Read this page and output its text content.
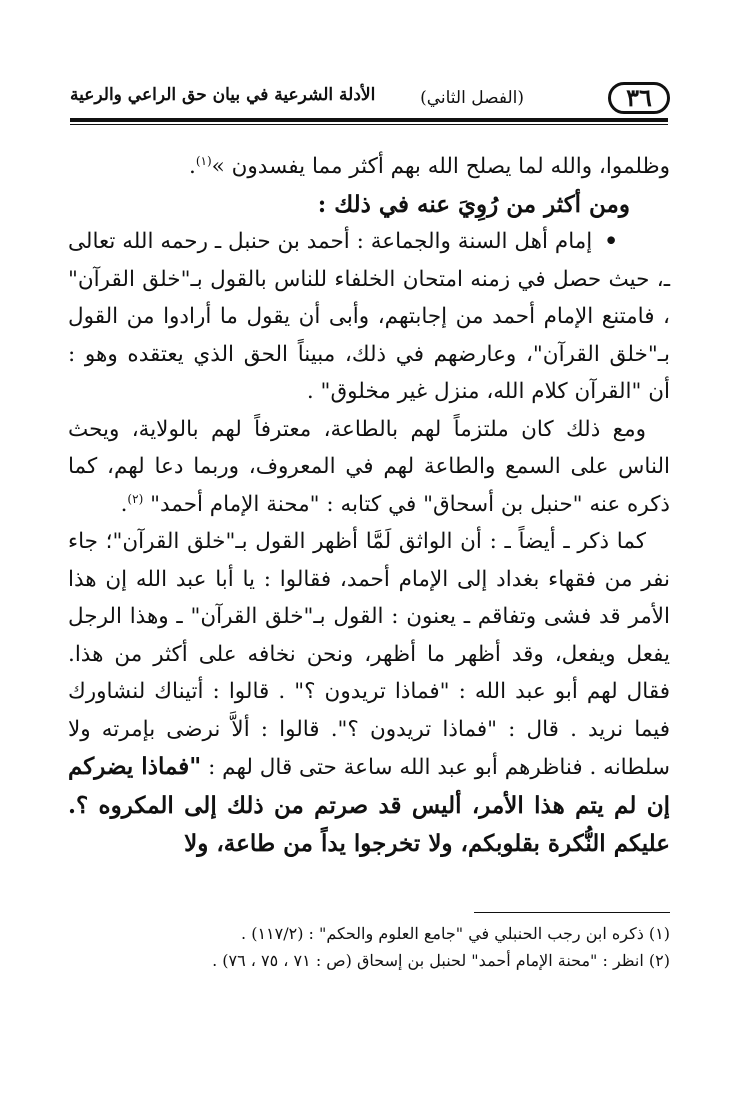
٣٦
(الفصل الثاني)
الأدلة الشرعية في بيان حق الراعي والرعية

وظلموا، والله لما يصلح الله بهم أكثر مما يفسدون »$^{(١)}$.

ومن أكثر من رُوِيَ عنه في ذلك :

•إمام أهل السنة والجماعة : أحمد بن حنبل ـ رحمه الله تعالى ـ، حيث حصل في زمنه امتحان الخلفاء للناس بالقول بـ"خلق القرآن" ، فامتنع الإمام أحمد من إجابتهم، وأبى أن يقول ما أرادوا من القول بـ"خلق القرآن"، وعارضهم في ذلك، مبيناً الحق الذي يعتقده وهو : أن "القرآن كلام الله، منزل غير مخلوق" .

ومع ذلك كان ملتزماً لهم بالطاعة، معترفاً لهم بالولاية، ويحث الناس على السمع والطاعة لهم في المعروف، وربما دعا لهم، كما ذكره عنه "حنبل بن أسحاق" في كتابه : "محنة الإمام أحمد" $^{(٢)}$.

كما ذكر ـ أيضاً ـ : أن الواثق لَمَّا أظهر القول بـ"خلق القرآن"؛ جاء نفر من فقهاء بغداد إلى الإمام أحمد، فقالوا : يا أبا عبد الله إن هذا الأمر قد فشى وتفاقم ـ يعنون : القول بـ"خلق القرآن" ـ وهذا الرجل يفعل ويفعل، وقد أظهر ما أظهر، ونحن نخافه على أكثر من هذا. فقال لهم أبو عبد الله : "فماذا تريدون ؟" . قالوا : أتيناك لنشاورك فيما نريد . قال : "فماذا تريدون ؟". قالوا : ألاَّ نرضى بإمرته ولا سلطانه . فناظرهم أبو عبد الله ساعة حتى قال لهم : "فماذا يضركم إن لم يتم هذا الأمر، أليس قد صرتم من ذلك إلى المكروه ؟. عليكم النُّكرة بقلوبكم، ولا تخرجوا يداً من طاعة، ولا

(١) ذكره ابن رجب الحنبلي في "جامع العلوم والحكم" : (١١٧/٢) .

(٢) انظر : "محنة الإمام أحمد" لحنبل بن إسحاق (ص : ٧١ ، ٧٥ ، ٧٦) .
